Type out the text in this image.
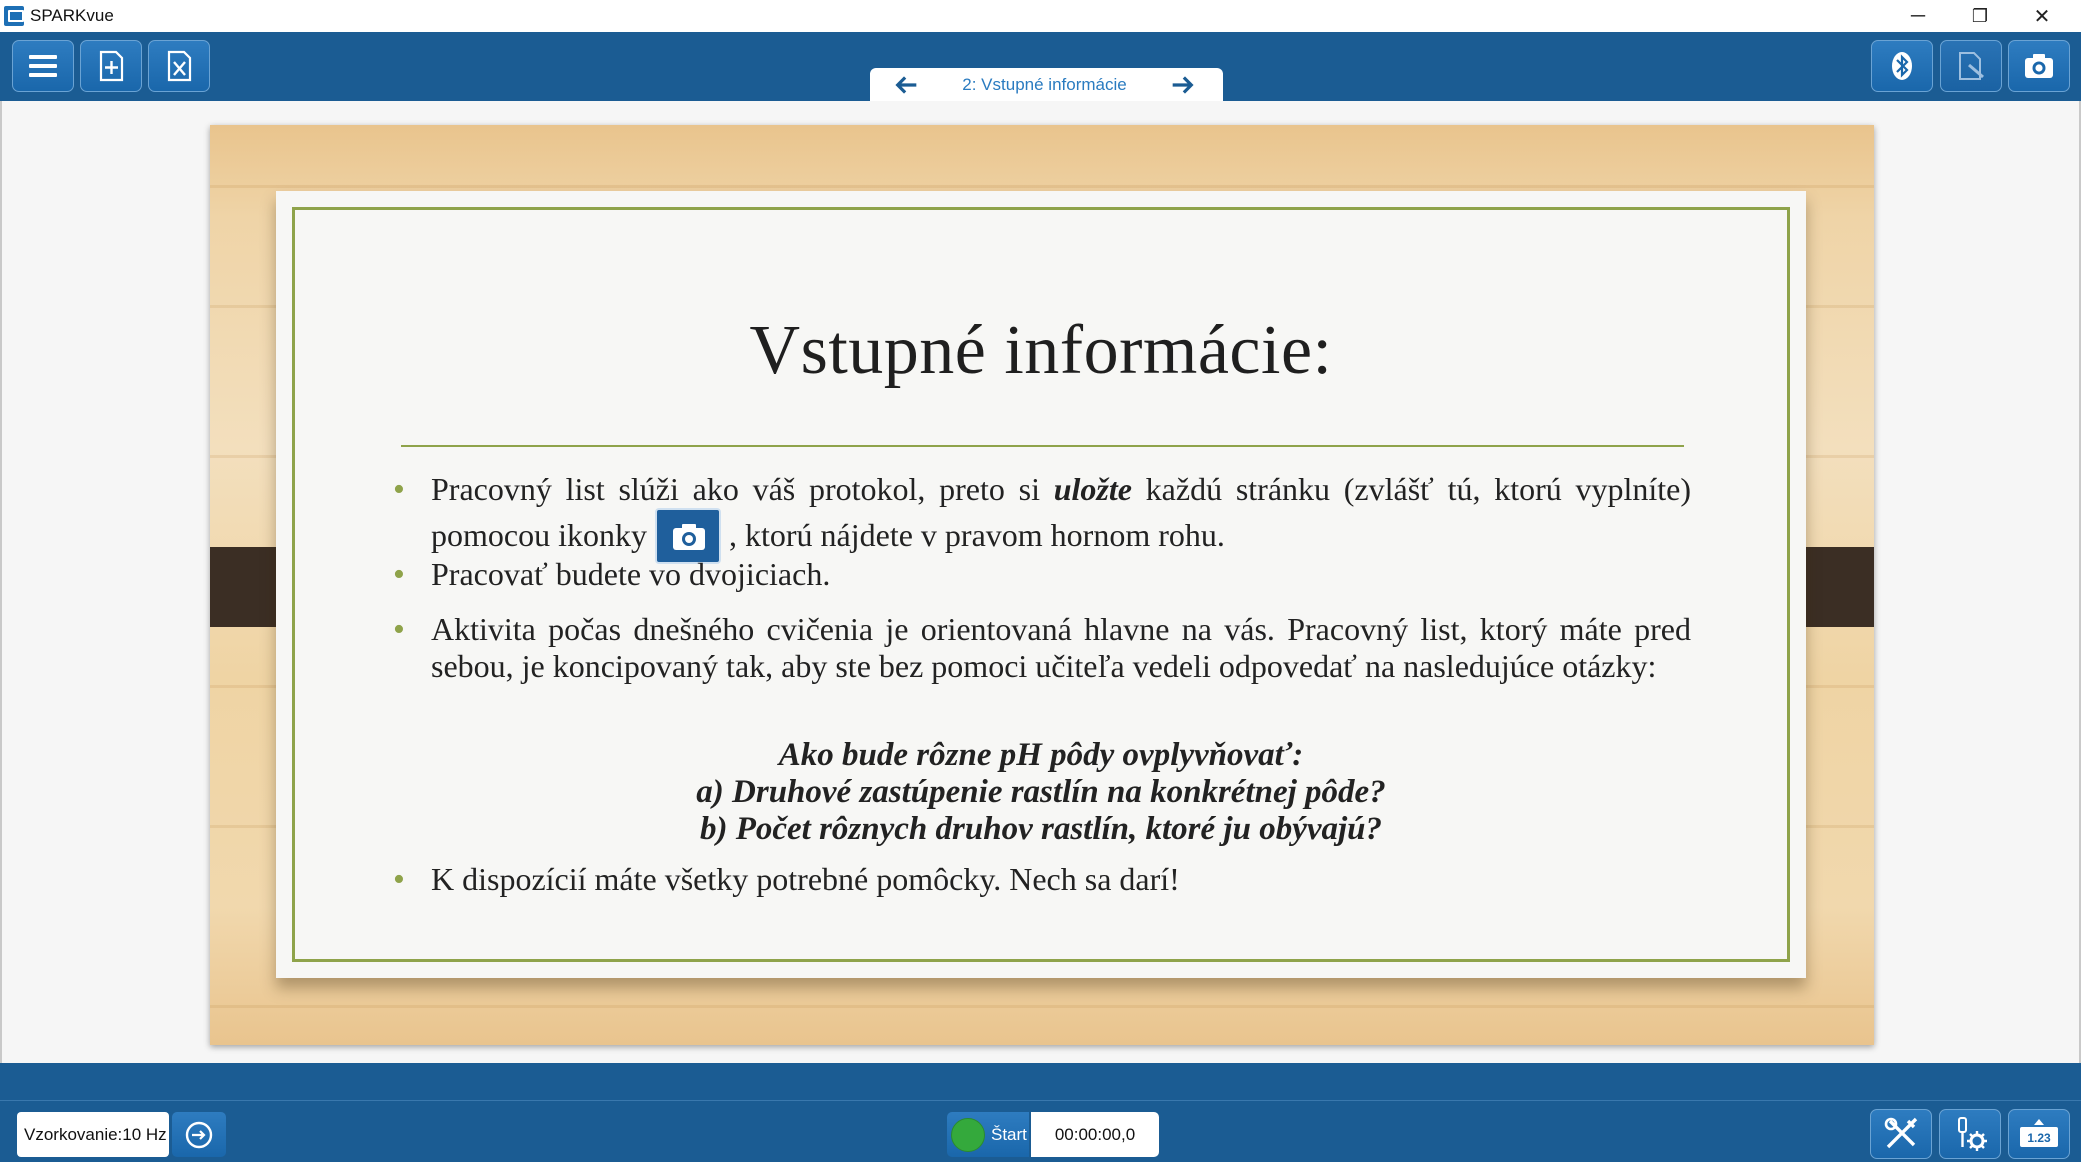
SPARKvue	─	❐	✕
2: Vstupné informácie
Vstupné informácie:
• Pracovný list slúži ako váš protokol, preto si uložte každú stránku (zvlášť tú, ktorú vyplníte) pomocou ikonky	, ktorú nájdete v pravom hornom rohu.
• Pracovať budete vo dvojiciach.
• Aktivita počas dnešného cvičenia je orientovaná hlavne na vás. Pracovný list, ktorý máte pred sebou, je koncipovaný tak, aby ste bez pomoci učiteľa vedeli odpovedať na nasledujúce otázky:
Ako bude rôzne pH pôdy ovplyvňovať:
a) Druhové zastúpenie rastlín na konkrétnej pôde?
b) Počet rôznych druhov rastlín, ktoré ju obývajú?
• K dispozícií máte všetky potrebné pomôcky. Nech sa darí!
Vzorkovanie:10 Hz	Štart	00:00:00,0	1.23
